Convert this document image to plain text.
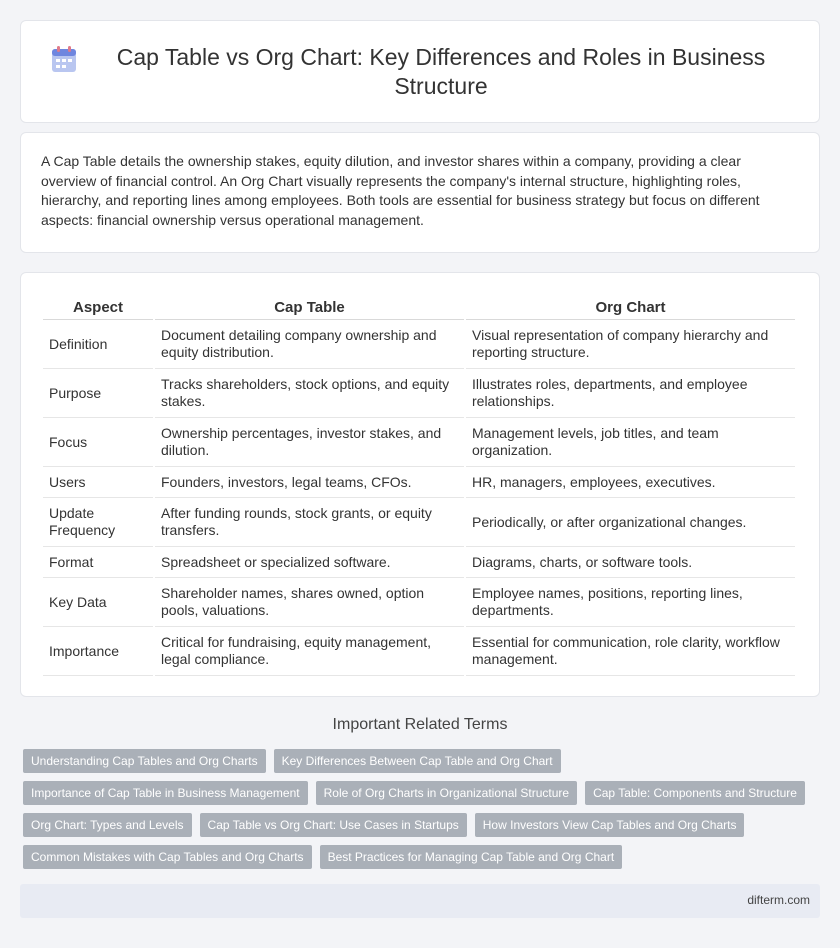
Cap Table vs Org Chart: Key Differences and Roles in Business Structure

A Cap Table details the ownership stakes, equity dilution, and investor shares within a company, providing a clear overview of financial control. An Org Chart visually represents the company's internal structure, highlighting roles, hierarchy, and reporting lines among employees. Both tools are essential for business strategy but focus on different aspects: financial ownership versus operational management.

Aspect	Cap Table	Org Chart
Definition	Document detailing company ownership and equity distribution.	Visual representation of company hierarchy and reporting structure.
Purpose	Tracks shareholders, stock options, and equity stakes.	Illustrates roles, departments, and employee relationships.
Focus	Ownership percentages, investor stakes, and dilution.	Management levels, job titles, and team organization.
Users	Founders, investors, legal teams, CFOs.	HR, managers, employees, executives.
Update Frequency	After funding rounds, stock grants, or equity transfers.	Periodically, or after organizational changes.
Format	Spreadsheet or specialized software.	Diagrams, charts, or software tools.
Key Data	Shareholder names, shares owned, option pools, valuations.	Employee names, positions, reporting lines, departments.
Importance	Critical for fundraising, equity management, legal compliance.	Essential for communication, role clarity, workflow management.
Important Related Terms
Understanding Cap Tables and Org Charts	Key Differences Between Cap Table and Org Chart
Importance of Cap Table in Business Management	Role of Org Charts in Organizational Structure	Cap Table: Components and Structure
Org Chart: Types and Levels	Cap Table vs Org Chart: Use Cases in Startups	How Investors View Cap Tables and Org Charts
Common Mistakes with Cap Tables and Org Charts	Best Practices for Managing Cap Table and Org Chart
difterm.com
